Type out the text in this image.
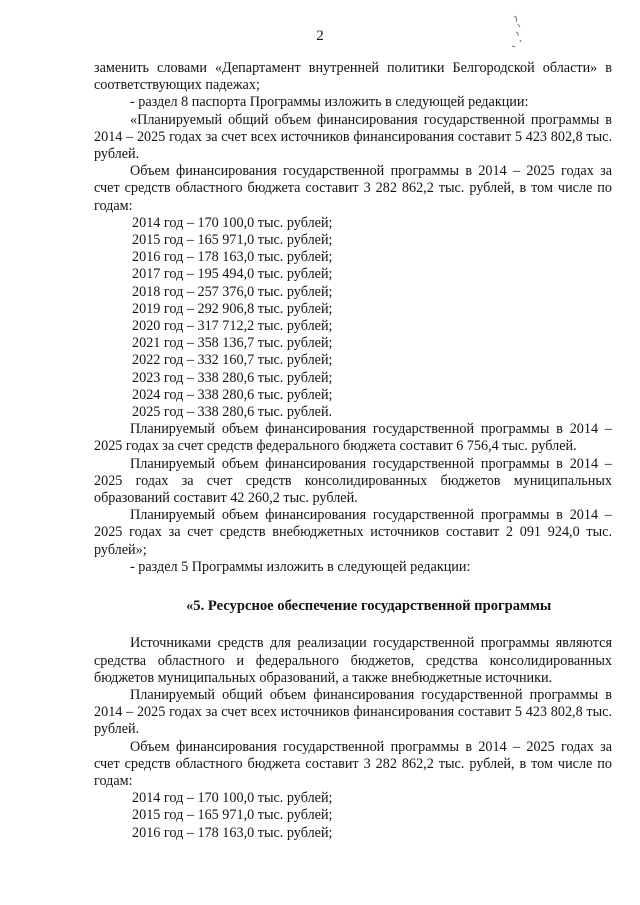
2

заменить словами «Департамент внутренней политики Белгородской области» в соответствующих падежах;

- раздел 8 паспорта Программы изложить в следующей редакции:

«Планируемый общий объем финансирования государственной программы в 2014 – 2025 годах за счет всех источников финансирования составит 5 423 802,8 тыс. рублей.

Объем финансирования государственной программы в 2014 – 2025 годах за счет средств областного бюджета составит 3 282 862,2 тыс. рублей, в том числе по годам:

2014 год – 170 100,0 тыс. рублей;

2015 год – 165 971,0 тыс. рублей;

2016 год – 178 163,0 тыс. рублей;

2017 год – 195 494,0 тыс. рублей;

2018 год – 257 376,0 тыс. рублей;

2019 год – 292 906,8 тыс. рублей;

2020 год – 317 712,2 тыс. рублей;

2021 год – 358 136,7 тыс. рублей;

2022 год – 332 160,7 тыс. рублей;

2023 год – 338 280,6 тыс. рублей;

2024 год – 338 280,6 тыс. рублей;

2025 год – 338 280,6 тыс. рублей.

Планируемый объем финансирования государственной программы в 2014 – 2025 годах за счет средств федерального бюджета составит 6 756,4 тыс. рублей.

Планируемый объем финансирования государственной программы в 2014 – 2025 годах за счет средств консолидированных бюджетов муниципальных образований составит 42 260,2 тыс. рублей.

Планируемый объем финансирования государственной программы в 2014 – 2025 годах за счет средств внебюджетных источников составит 2 091 924,0 тыс. рублей»;

- раздел 5 Программы изложить в следующей редакции:

«5. Ресурсное обеспечение государственной программы

Источниками средств для реализации государственной программы являются средства областного и федерального бюджетов, средства консолидированных бюджетов муниципальных образований, а также внебюджетные источники.

Планируемый общий объем финансирования государственной программы в 2014 – 2025 годах за счет всех источников финансирования составит 5 423 802,8 тыс. рублей.

Объем финансирования государственной программы в 2014 – 2025 годах за счет средств областного бюджета составит 3 282 862,2 тыс. рублей, в том числе по годам:

2014 год – 170 100,0 тыс. рублей;

2015 год – 165 971,0 тыс. рублей;

2016 год – 178 163,0 тыс. рублей;
